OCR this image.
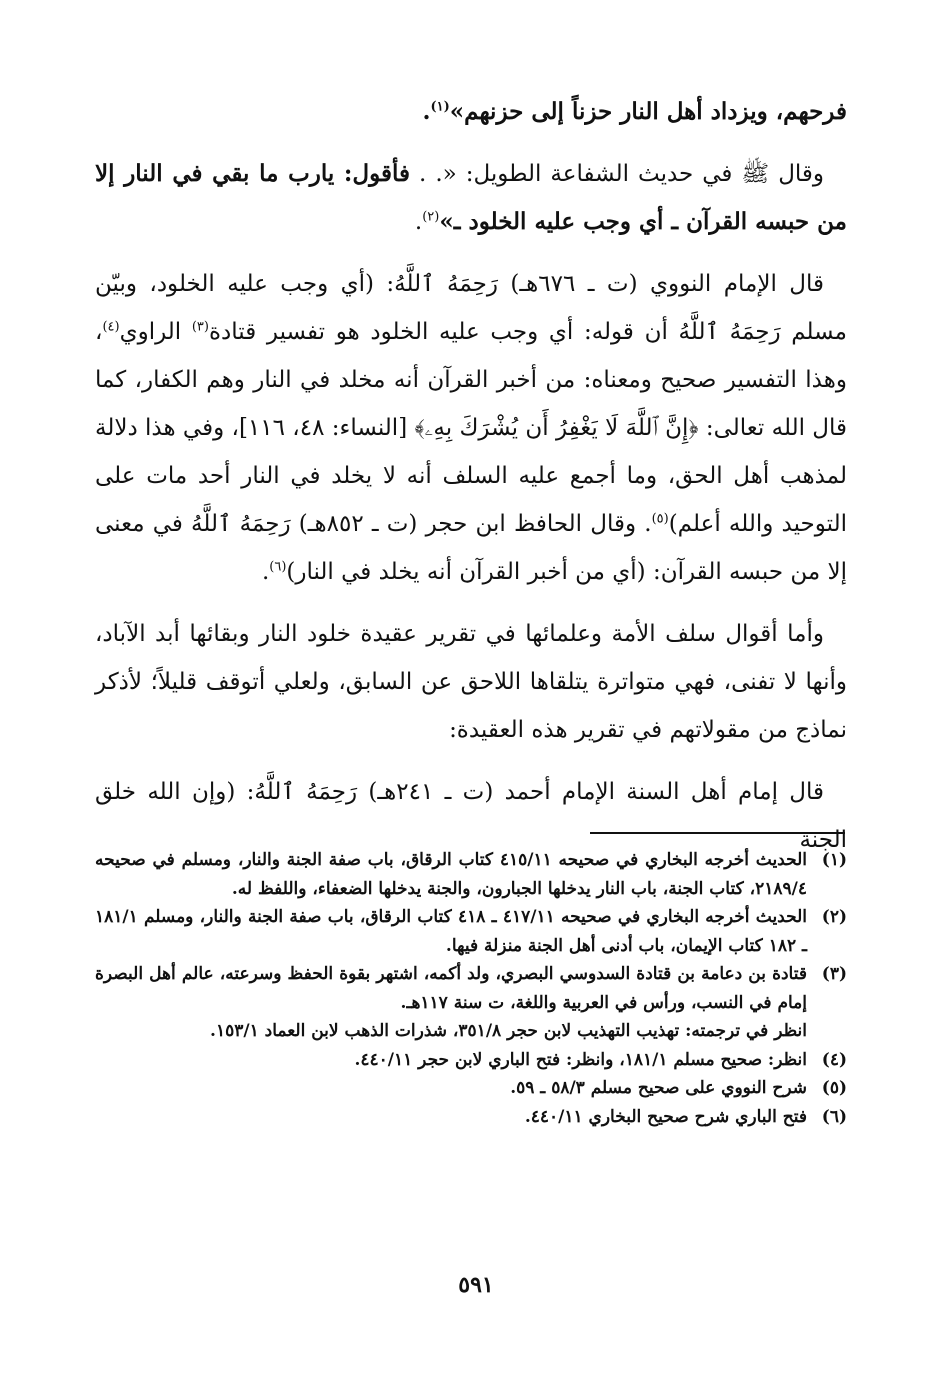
فرحهم، ويزداد أهل النار حزناً إلى حزنهم»$^{(١)}$.

 وقال ﷺ في حديث الشفاعة الطويل: «. . فأقول: يارب ما بقي في النار إلا من حبسه القرآن ـ أي وجب عليه الخلود ـ»$^{(٢)}$.

 قال الإمام النووي (ت ـ ٦٧٦هـ) رَحِمَهُ ٱللَّهُ: (أي وجب عليه الخلود، وبيّن مسلم رَحِمَهُ ٱللَّهُ أن قوله: أي وجب عليه الخلود هو تفسير قتادة$^{(٣)}$ الراوي$^{(٤)}$، وهذا التفسير صحيح ومعناه: من أخبر القرآن أنه مخلد في النار وهم الكفار، كما قال الله تعالى: ﴿إِنَّ ٱللَّهَ لَا يَغْفِرُ أَن يُشْرَكَ بِهِۦ﴾ [النساء: ٤٨، ١١٦]، وفي هذا دلالة لمذهب أهل الحق، وما أجمع عليه السلف أنه لا يخلد في النار أحد مات على التوحيد والله أعلم)$^{(٥)}$. وقال الحافظ ابن حجر (ت ـ ٨٥٢هـ) رَحِمَهُ ٱللَّهُ في معنى إلا من حبسه القرآن: (أي من أخبر القرآن أنه يخلد في النار)$^{(٦)}$.

 وأما أقوال سلف الأمة وعلمائها في تقرير عقيدة خلود النار وبقائها أبد الآباد، وأنها لا تفنى، فهي متواترة يتلقاها اللاحق عن السابق، ولعلي أتوقف قليلاً؛ لأذكر نماذج من مقولاتهم في تقرير هذه العقيدة:

 قال إمام أهل السنة الإمام أحمد (ت ـ ٢٤١هـ) رَحِمَهُ ٱللَّهُ: (وإن الله خلق الجنة

(١)

الحديث أخرجه البخاري في صحيحه ٤١٥/١١ كتاب الرقاق، باب صفة الجنة والنار، ومسلم في صحيحه ٢١٨٩/٤، كتاب الجنة، باب النار يدخلها الجبارون، والجنة يدخلها الضعفاء، واللفظ له.

(٢)

الحديث أخرجه البخاري في صحيحه ٤١٧/١١ ـ ٤١٨ كتاب الرقاق، باب صفة الجنة والنار، ومسلم ١٨١/١ ـ ١٨٢ كتاب الإيمان، باب أدنى أهل الجنة منزلة فيها.

(٣)

قتادة بن دعامة بن قتادة السدوسي البصري، ولد أكمه، اشتهر بقوة الحفظ وسرعته، عالم أهل البصرة إمام في النسب، ورأس في العربية واللغة، ت سنة ١١٧هـ.

انظر في ترجمته: تهذيب التهذيب لابن حجر ٣٥١/٨، شذرات الذهب لابن العماد ١٥٣/١.

(٤)

انظر: صحيح مسلم ١٨١/١، وانظر: فتح الباري لابن حجر ٤٤٠/١١.

(٥)

شرح النووي على صحيح مسلم ٥٨/٣ ـ ٥٩.

(٦)

فتح الباري شرح صحيح البخاري ٤٤٠/١١.

٥٩١
